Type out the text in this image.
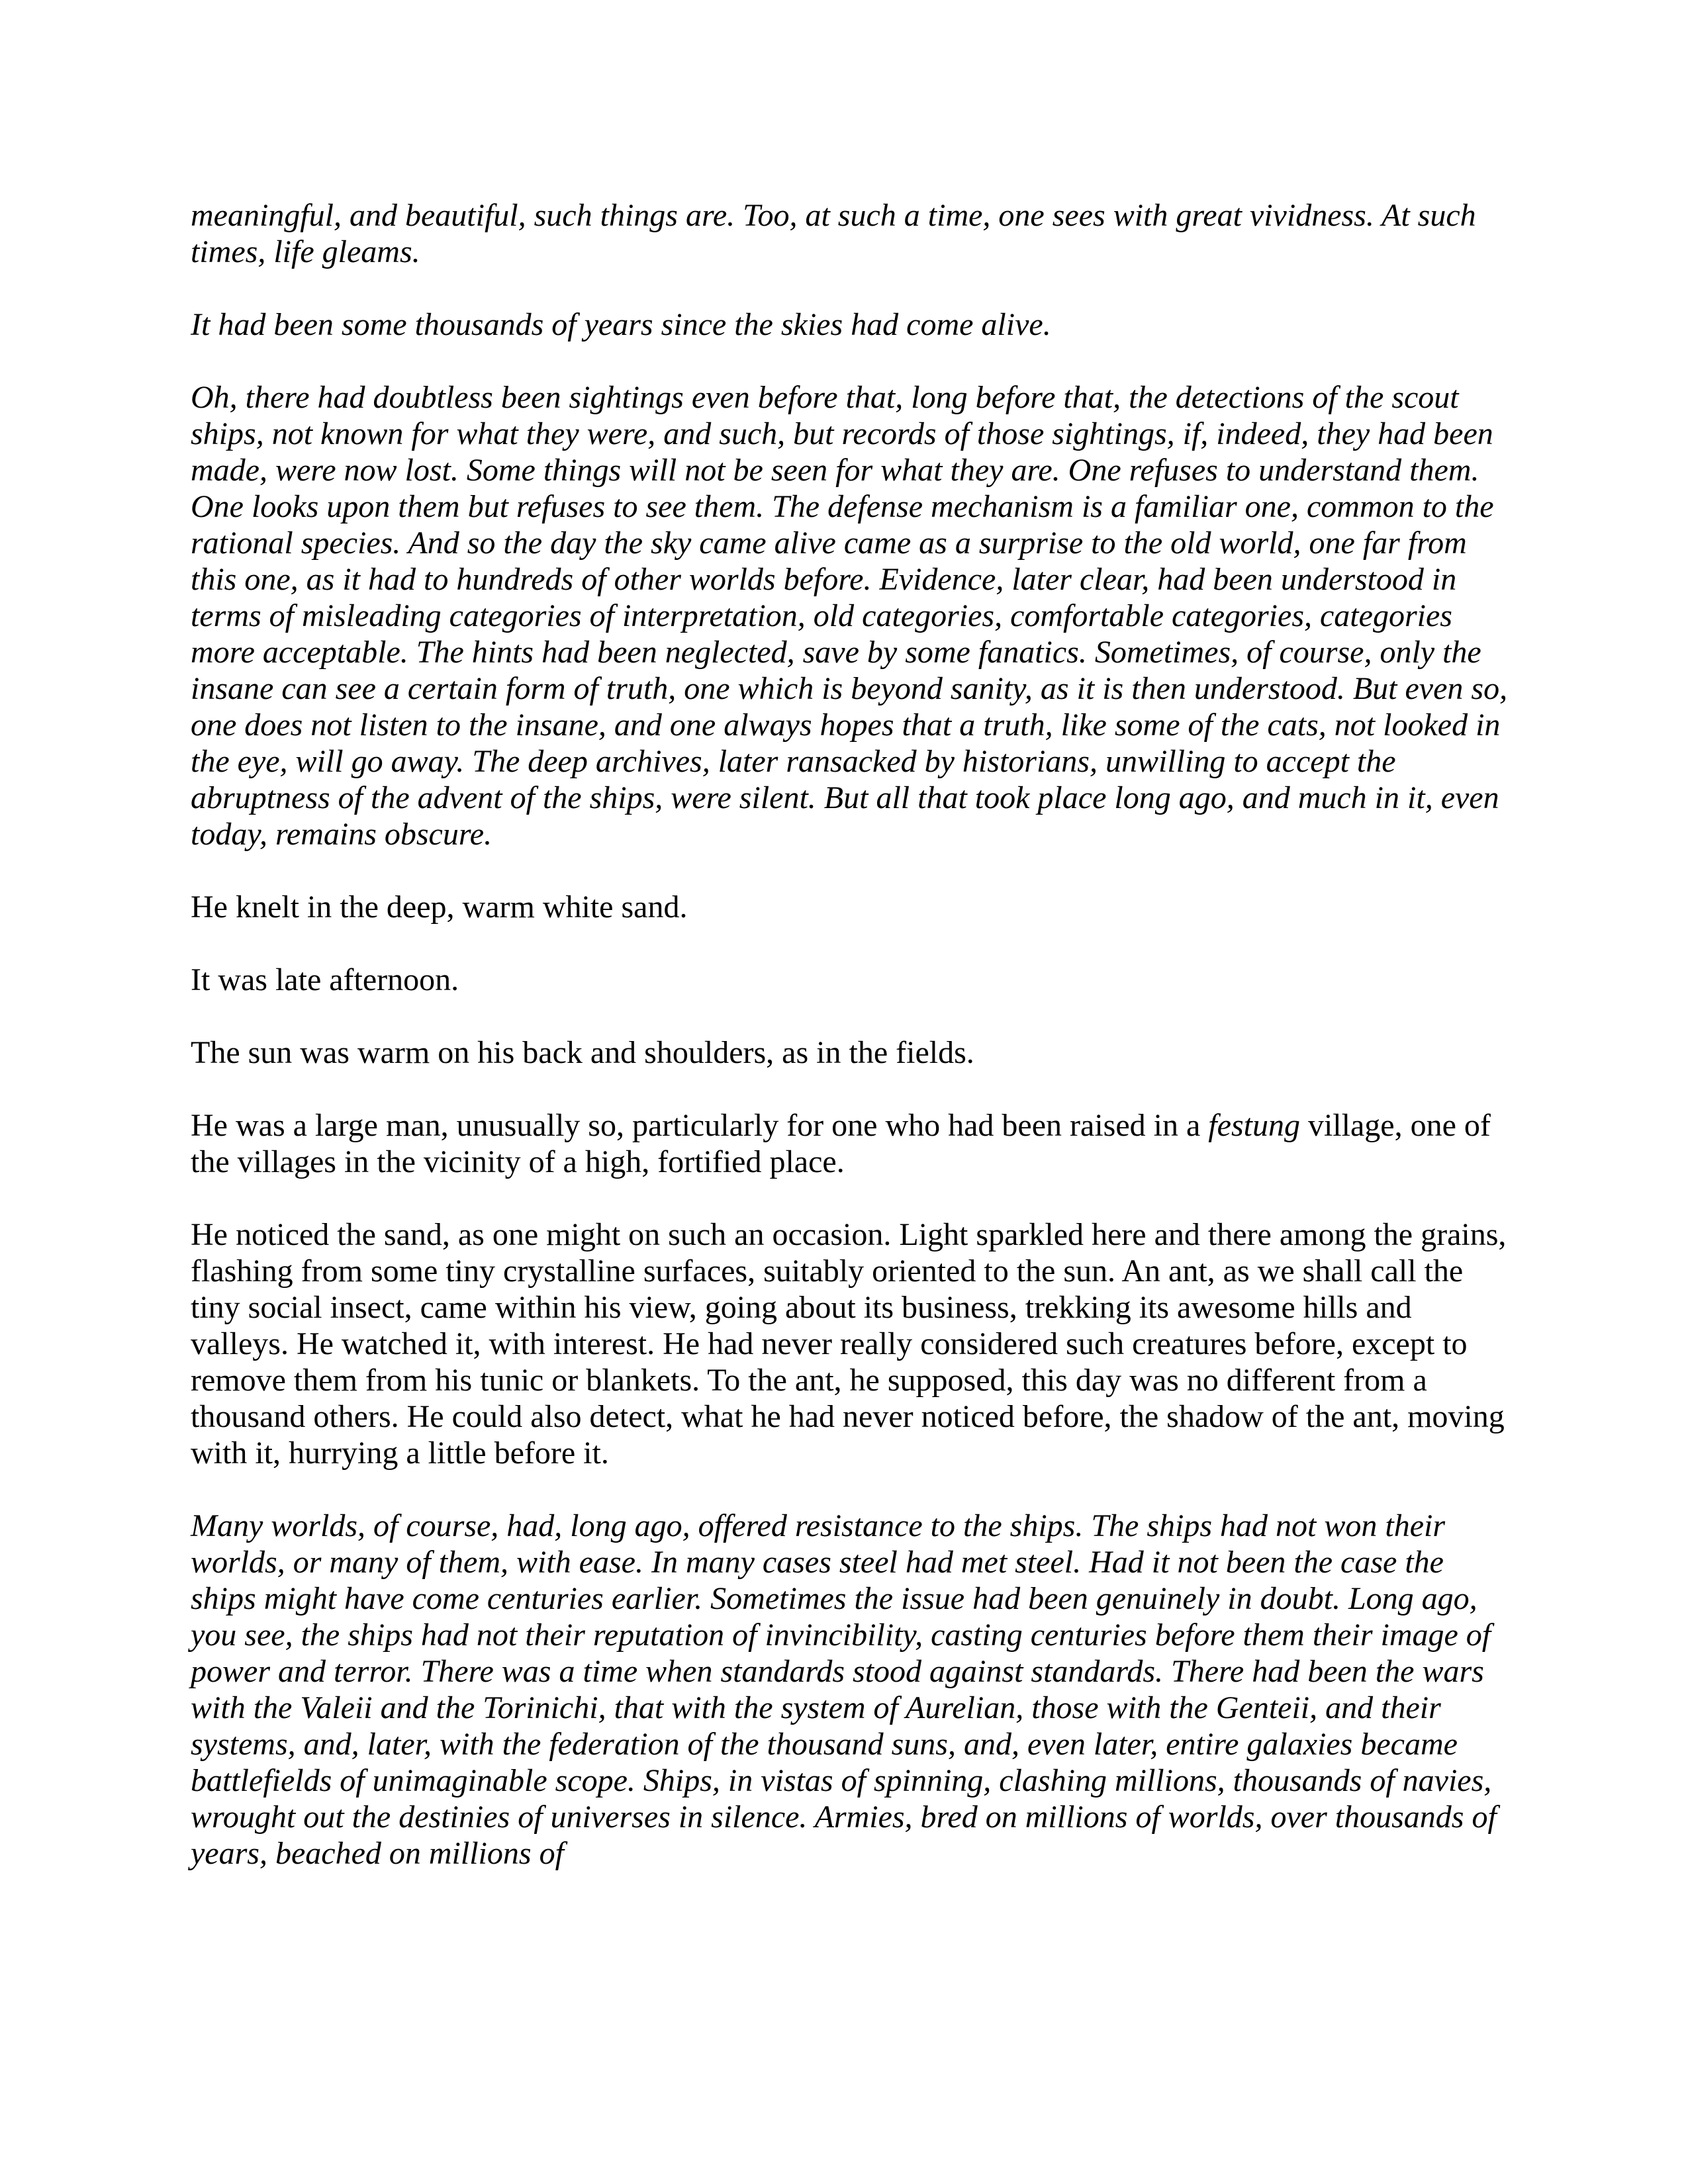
meaningful, and beautiful, such things are. Too, at such a time, one sees with great vividness. At such times, life gleams.

It had been some thousands of years since the skies had come alive.

Oh, there had doubtless been sightings even before that, long before that, the detections of the scout ships, not known for what they were, and such, but records of those sightings, if, indeed, they had been made, were now lost. Some things will not be seen for what they are. One refuses to understand them. One looks upon them but refuses to see them. The defense mechanism is a familiar one, common to the rational species. And so the day the sky came alive came as a surprise to the old world, one far from this one, as it had to hundreds of other worlds before. Evidence, later clear, had been understood in terms of misleading categories of interpretation, old categories, comfortable categories, categories more acceptable. The hints had been neglected, save by some fanatics. Sometimes, of course, only the insane can see a certain form of truth, one which is beyond sanity, as it is then understood. But even so, one does not listen to the insane, and one always hopes that a truth, like some of the cats, not looked in the eye, will go away. The deep archives, later ransacked by historians, unwilling to accept the abruptness of the advent of the ships, were silent. But all that took place long ago, and much in it, even today, remains obscure.

He knelt in the deep, warm white sand.

It was late afternoon.

The sun was warm on his back and shoulders, as in the fields.

He was a large man, unusually so, particularly for one who had been raised in a festung village, one of the villages in the vicinity of a high, fortified place.

He noticed the sand, as one might on such an occasion. Light sparkled here and there among the grains, flashing from some tiny crystalline surfaces, suitably oriented to the sun. An ant, as we shall call the tiny social insect, came within his view, going about its business, trekking its awesome hills and valleys. He watched it, with interest. He had never really considered such creatures before, except to remove them from his tunic or blankets. To the ant, he supposed, this day was no different from a thousand others. He could also detect, what he had never noticed before, the shadow of the ant, moving with it, hurrying a little before it.

Many worlds, of course, had, long ago, offered resistance to the ships. The ships had not won their worlds, or many of them, with ease. In many cases steel had met steel. Had it not been the case the ships might have come centuries earlier. Sometimes the issue had been genuinely in doubt. Long ago, you see, the ships had not their reputation of invincibility, casting centuries before them their image of power and terror. There was a time when standards stood against standards. There had been the wars with the Valeii and the Torinichi, that with the system of Aurelian, those with the Genteii, and their systems, and, later, with the federation of the thousand suns, and, even later, entire galaxies became battlefields of unimaginable scope. Ships, in vistas of spinning, clashing millions, thousands of navies, wrought out the destinies of universes in silence. Armies, bred on millions of worlds, over thousands of years, beached on millions of
